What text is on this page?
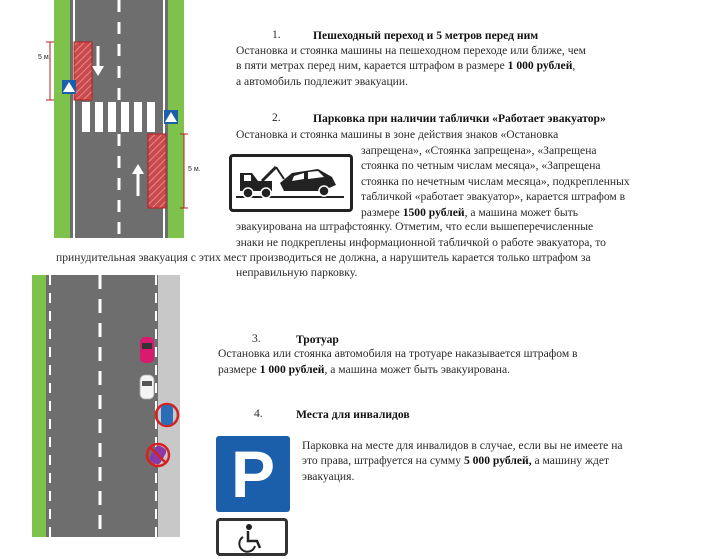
5 м.
5 м.
1.	Пешеходный переход и 5 метров перед ним
Остановка и стоянка машины на пешеходном переходе или ближе, чем
в пяти метрах перед ним, карается штрафом в размере 1 000 рублей,
а автомобиль подлежит эвакуации.
2.	Парковка при наличии таблички «Работает эвакуатор»
Остановка и стоянка машины в зоне действия знаков «Остановка
запрещена», «Стоянка запрещена», «Запрещена
стоянка по четным числам месяца», «Запрещена
стоянка по нечетным числам месяца», подкрепленных
табличкой «работает эвакуатор», карается штрафом в
размере 1500 рублей, а машина может быть
эвакуирована на штрафстоянку. Отметим, что если вышеперечисленные
знаки не подкреплены информационной табличкой о работе эвакуатора, то
принудительная эвакуация с этих мест производиться не должна, а нарушитель карается только штрафом за
неправильную парковку.
3.	Тротуар
Остановка или стоянка автомобиля на тротуаре наказывается штрафом в
размере 1 000 рублей, а машина может быть эвакуирована.
4.	Места для инвалидов
Парковка на месте для инвалидов в случае, если вы не имеете на
это права, штрафуется на сумму 5 000 рублей, а машину ждет
эвакуация.
P
